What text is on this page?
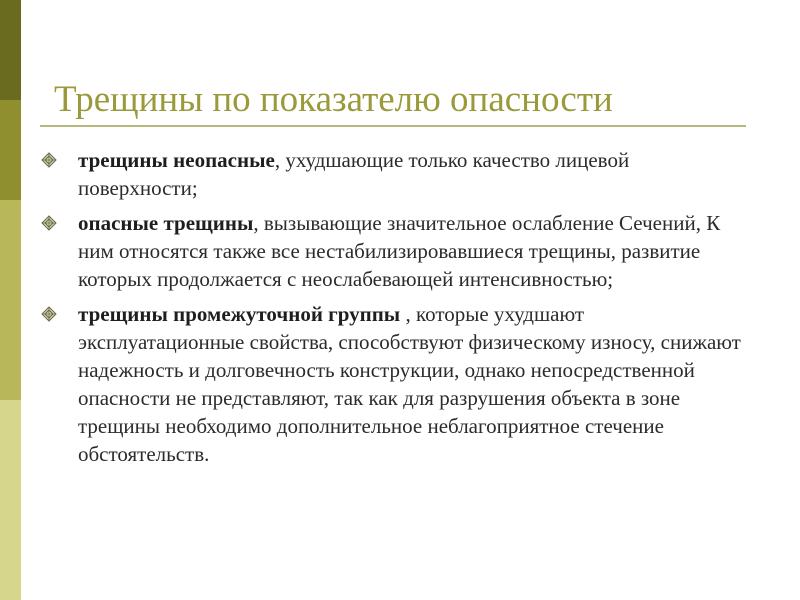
Трещины по показателю опасности
трещины неопасные, ухудшающие только качество лицевой поверхности;
опасные трещины, вызывающие значительное ослабление Сечений, К ним относятся также все нестабилизировавшиеся трещины, развитие которых продолжается с неослабевающей интенсивностью;
трещины промежуточной группы , которые ухудшают эксплуатационные свойства, способствуют физическому износу, снижают надежность и долговечность конструкции, однако непосредственной опасности не представляют, так как для разрушения объекта в зоне трещины необходимо дополнительное неблагоприятное стечение обстоятельств.
